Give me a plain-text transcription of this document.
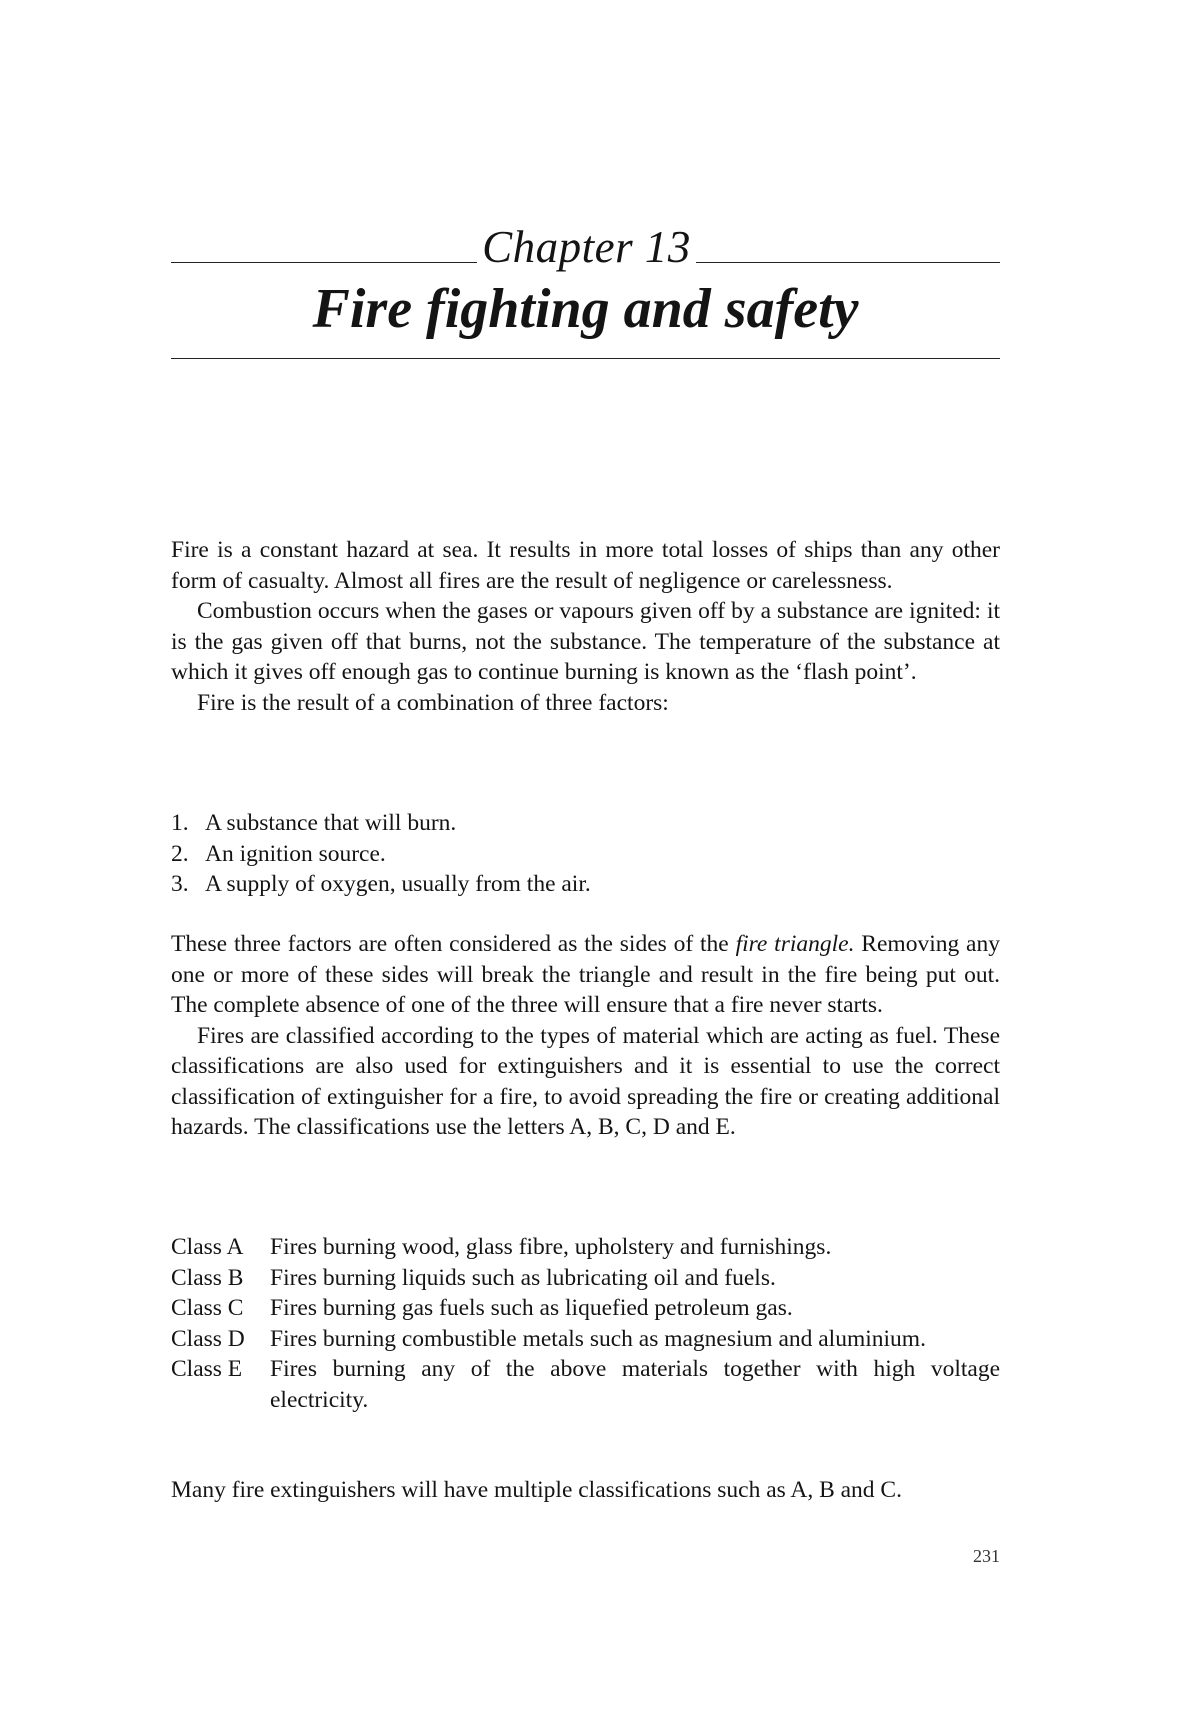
Chapter 13
Fire fighting and safety

Fire is a constant hazard at sea. It results in more total losses of ships than any other form of casualty. Almost all fires are the result of negligence or carelessness.

Combustion occurs when the gases or vapours given off by a substance are ignited: it is the gas given off that burns, not the substance. The temperature of the substance at which it gives off enough gas to continue burning is known as the ‘flash point’.

Fire is the result of a combination of three factors:

1. A substance that will burn.
2. An ignition source.
3. A supply of oxygen, usually from the air.

These three factors are often considered as the sides of the fire triangle. Removing any one or more of these sides will break the triangle and result in the fire being put out. The complete absence of one of the three will ensure that a fire never starts.

Fires are classified according to the types of material which are acting as fuel. These classifications are also used for extinguishers and it is essential to use the correct classification of extinguisher for a fire, to avoid spreading the fire or creating additional hazards. The classifications use the letters A, B, C, D and E.

Class A	Fires burning wood, glass fibre, upholstery and furnishings.
Class B	Fires burning liquids such as lubricating oil and fuels.
Class C	Fires burning gas fuels such as liquefied petroleum gas.
Class D	Fires burning combustible metals such as magnesium and aluminium.
Class E	Fires burning any of the above materials together with high voltage electricity.

Many fire extinguishers will have multiple classifications such as A, B and C.

231
